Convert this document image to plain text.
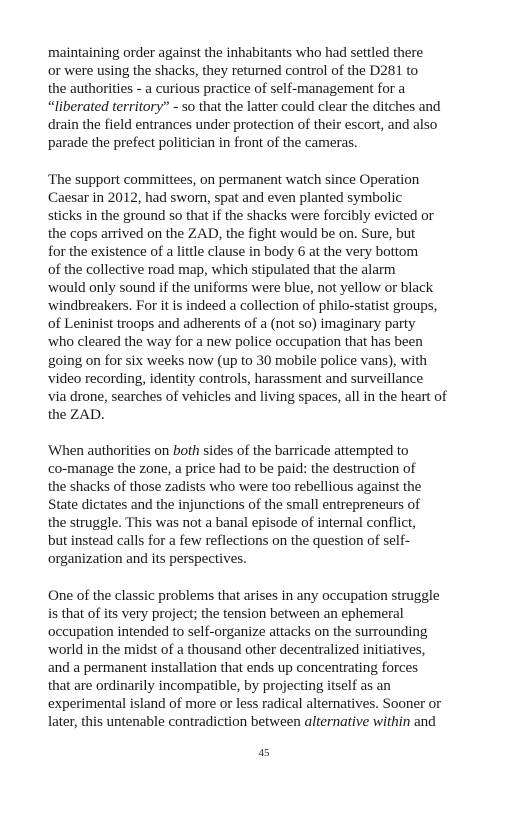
maintaining order against the inhabitants who had settled there
or were using the shacks, they returned control of the D281 to
the authorities - a curious practice of self-management for a
“liberated territory” - so that the latter could clear the ditches and
drain the field entrances under protection of their escort, and also
parade the prefect politician in front of the cameras.

The support committees, on permanent watch since Operation
Caesar in 2012, had sworn, spat and even planted symbolic
sticks in the ground so that if the shacks were forcibly evicted or
the cops arrived on the ZAD, the fight would be on. Sure, but
for the existence of a little clause in body 6 at the very bottom
of the collective road map, which stipulated that the alarm
would only sound if the uniforms were blue, not yellow or black
windbreakers. For it is indeed a collection of philo-statist groups,
of Leninist troops and adherents of a (not so) imaginary party
who cleared the way for a new police occupation that has been
going on for six weeks now (up to 30 mobile police vans), with
video recording, identity controls, harassment and surveillance
via drone, searches of vehicles and living spaces, all in the heart of
the ZAD.

When authorities on both sides of the barricade attempted to
co-manage the zone, a price had to be paid: the destruction of
the shacks of those zadists who were too rebellious against the
State dictates and the injunctions of the small entrepreneurs of
the struggle. This was not a banal episode of internal conflict,
but instead calls for a few reflections on the question of self-
organization and its perspectives.

One of the classic problems that arises in any occupation struggle
is that of its very project; the tension between an ephemeral
occupation intended to self-organize attacks on the surrounding
world in the midst of a thousand other decentralized initiatives,
and a permanent installation that ends up concentrating forces
that are ordinarily incompatible, by projecting itself as an
experimental island of more or less radical alternatives. Sooner or
later, this untenable contradiction between alternative within and

45
